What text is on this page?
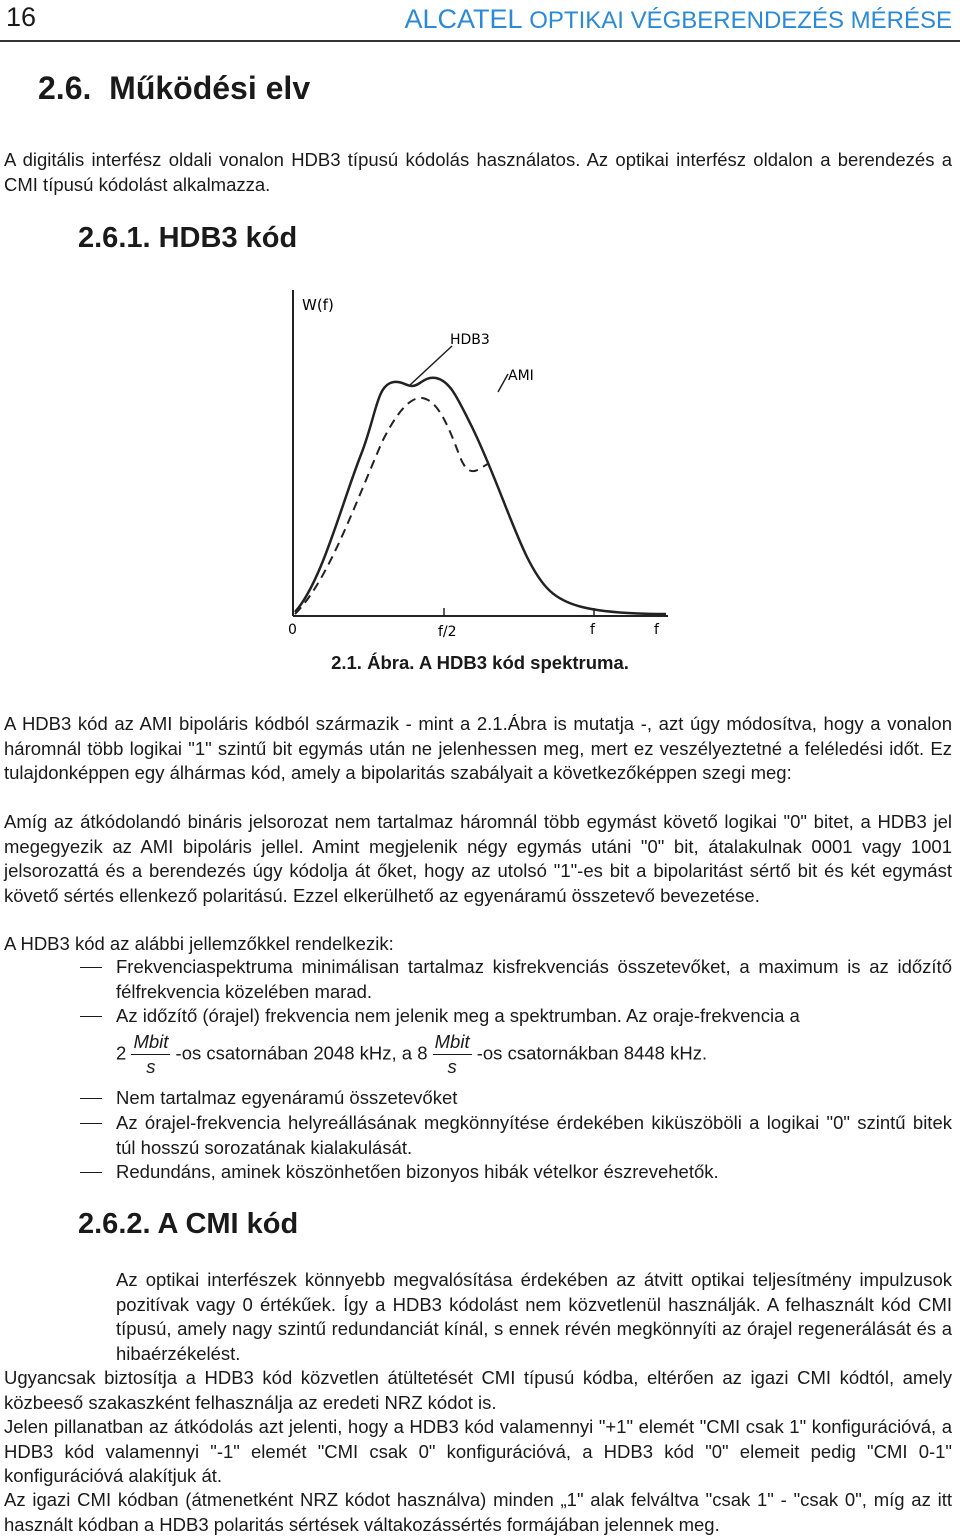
16	ALCATEL OPTIKAI VÉGBERENDEZÉS MÉRÉSE
2.6.  Működési elv
A digitális interfész oldali vonalon HDB3 típusú kódolás használatos. Az optikai interfész oldalon a berendezés a CMI típusú kódolást alkalmazza.
2.6.1. HDB3 kód
W(f)
HDB3
AMI
0	f/2	f	f
2.1. Ábra. A HDB3 kód spektruma.
A HDB3 kód az AMI bipoláris kódból származik - mint a 2.1.Ábra is mutatja -, azt úgy módosítva, hogy a vonalon háromnál több logikai "1" szintű bit egymás után ne jelenhessen meg, mert ez veszélyeztetné a feléledési időt. Ez tulajdonképpen egy álhármas kód, amely a bipolaritás szabályait a következőképpen szegi meg:
Amíg az átkódolandó bináris jelsorozat nem tartalmaz háromnál több egymást követő logikai "0" bitet, a HDB3 jel megegyezik az AMI bipoláris jellel. Amint megjelenik négy egymás utáni "0" bit, átalakulnak 0001 vagy 1001 jelsorozattá és a berendezés úgy kódolja át őket, hogy az utolsó "1"-es bit a bipolaritást sértő bit és két egymást követő sértés ellenkező polaritású. Ezzel elkerülhető az egyenáramú összetevő bevezetése.
A HDB3 kód az alábbi jellemzőkkel rendelkezik:
Frekvenciaspektruma minimálisan tartalmaz kisfrekvenciás összetevőket, a maximum is az időzítő félfrekvencia közelében marad.
Az időzítő (órajel) frekvencia nem jelenik meg a spektrumban. Az oraje-frekvencia a
$2 \frac{\text{Mbit}}{s} -os$ csatornában 2048 kHz, a $8 \frac{\text{Mbit}}{s} -os$ csatornákban 8448 kHz.
Nem tartalmaz egyenáramú összetevőket
Az órajel-frekvencia helyreállásának megkönnyítése érdekében kiküszöböli a logikai "0" szintű bitek túl hosszú sorozatának kialakulását.
Redundáns, aminek köszönhetően bizonyos hibák vételkor észrevehetők.
2.6.2. A CMI kód
Az optikai interfészek könnyebb megvalósítása érdekében az átvitt optikai teljesítmény impulzusok pozitívak vagy 0 értékűek. Így a HDB3 kódolást nem közvetlenül használják. A felhasznált kód CMI típusú, amely nagy szintű redundanciát kínál, s ennek révén megkönnyíti az órajel regenerálását és a hibaérzékelést.
Ugyancsak biztosítja a HDB3 kód közvetlen átültetését CMI típusú kódba, eltérően az igazi CMI kódtól, amely közbeeső szakaszként felhasználja az eredeti NRZ kódot is.
Jelen pillanatban az átkódolás azt jelenti, hogy a HDB3 kód valamennyi "+1" elemét "CMI csak 1" konfigurációvá, a HDB3 kód valamennyi "-1" elemét "CMI csak 0" konfigurációvá, a HDB3 kód "0" elemeit pedig "CMI 0-1" konfigurációvá alakítjuk át.
Az igazi CMI kódban (átmenetként NRZ kódot használva) minden „1" alak felváltva "csak 1" - "csak 0", míg az itt használt kódban a HDB3 polaritás sértések váltakozássértés formájában jelennek meg.
